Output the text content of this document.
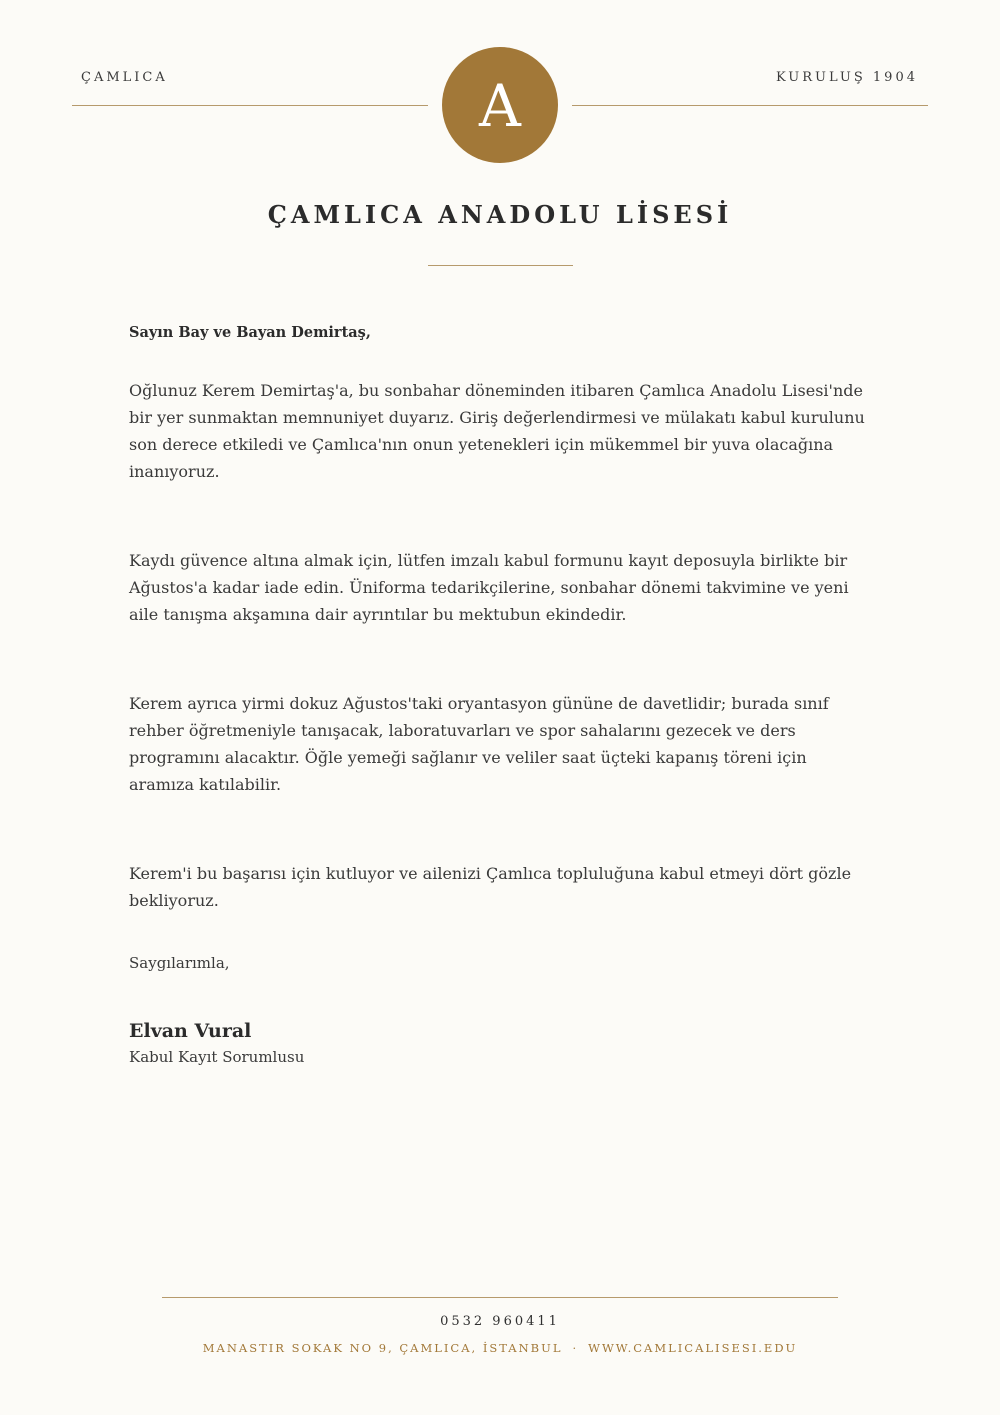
ÇAMLICA	KURULUŞ 1904
A
ÇAMLICA ANADOLU LİSESİ

Sayın Bay ve Bayan Demirtaş,

Oğlunuz Kerem Demirtaş'a, bu sonbahar döneminden itibaren Çamlıca Anadolu Lisesi'nde bir yer sunmaktan memnuniyet duyarız. Giriş değerlendirmesi ve mülakatı kabul kurulunu son derece etkiledi ve Çamlıca'nın onun yetenekleri için mükemmel bir yuva olacağına inanıyoruz.

Kaydı güvence altına almak için, lütfen imzalı kabul formunu kayıt deposuyla birlikte bir Ağustos'a kadar iade edin. Üniforma tedarikçilerine, sonbahar dönemi takvimine ve yeni aile tanışma akşamına dair ayrıntılar bu mektubun ekindedir.

Kerem ayrıca yirmi dokuz Ağustos'taki oryantasyon gününe de davetlidir; burada sınıf rehber öğretmeniyle tanışacak, laboratuvarları ve spor sahalarını gezecek ve ders programını alacaktır. Öğle yemeği sağlanır ve veliler saat üçteki kapanış töreni için aramıza katılabilir.

Kerem'i bu başarısı için kutluyor ve ailenizi Çamlıca topluluğuna kabul etmeyi dört gözle bekliyoruz.

Saygılarımla,
Elvan Vural
Kabul Kayıt Sorumlusu
0532 960411
MANASTIR SOKAK NO 9, ÇAMLICA, İSTANBUL · WWW.CAMLICALISESI.EDU
